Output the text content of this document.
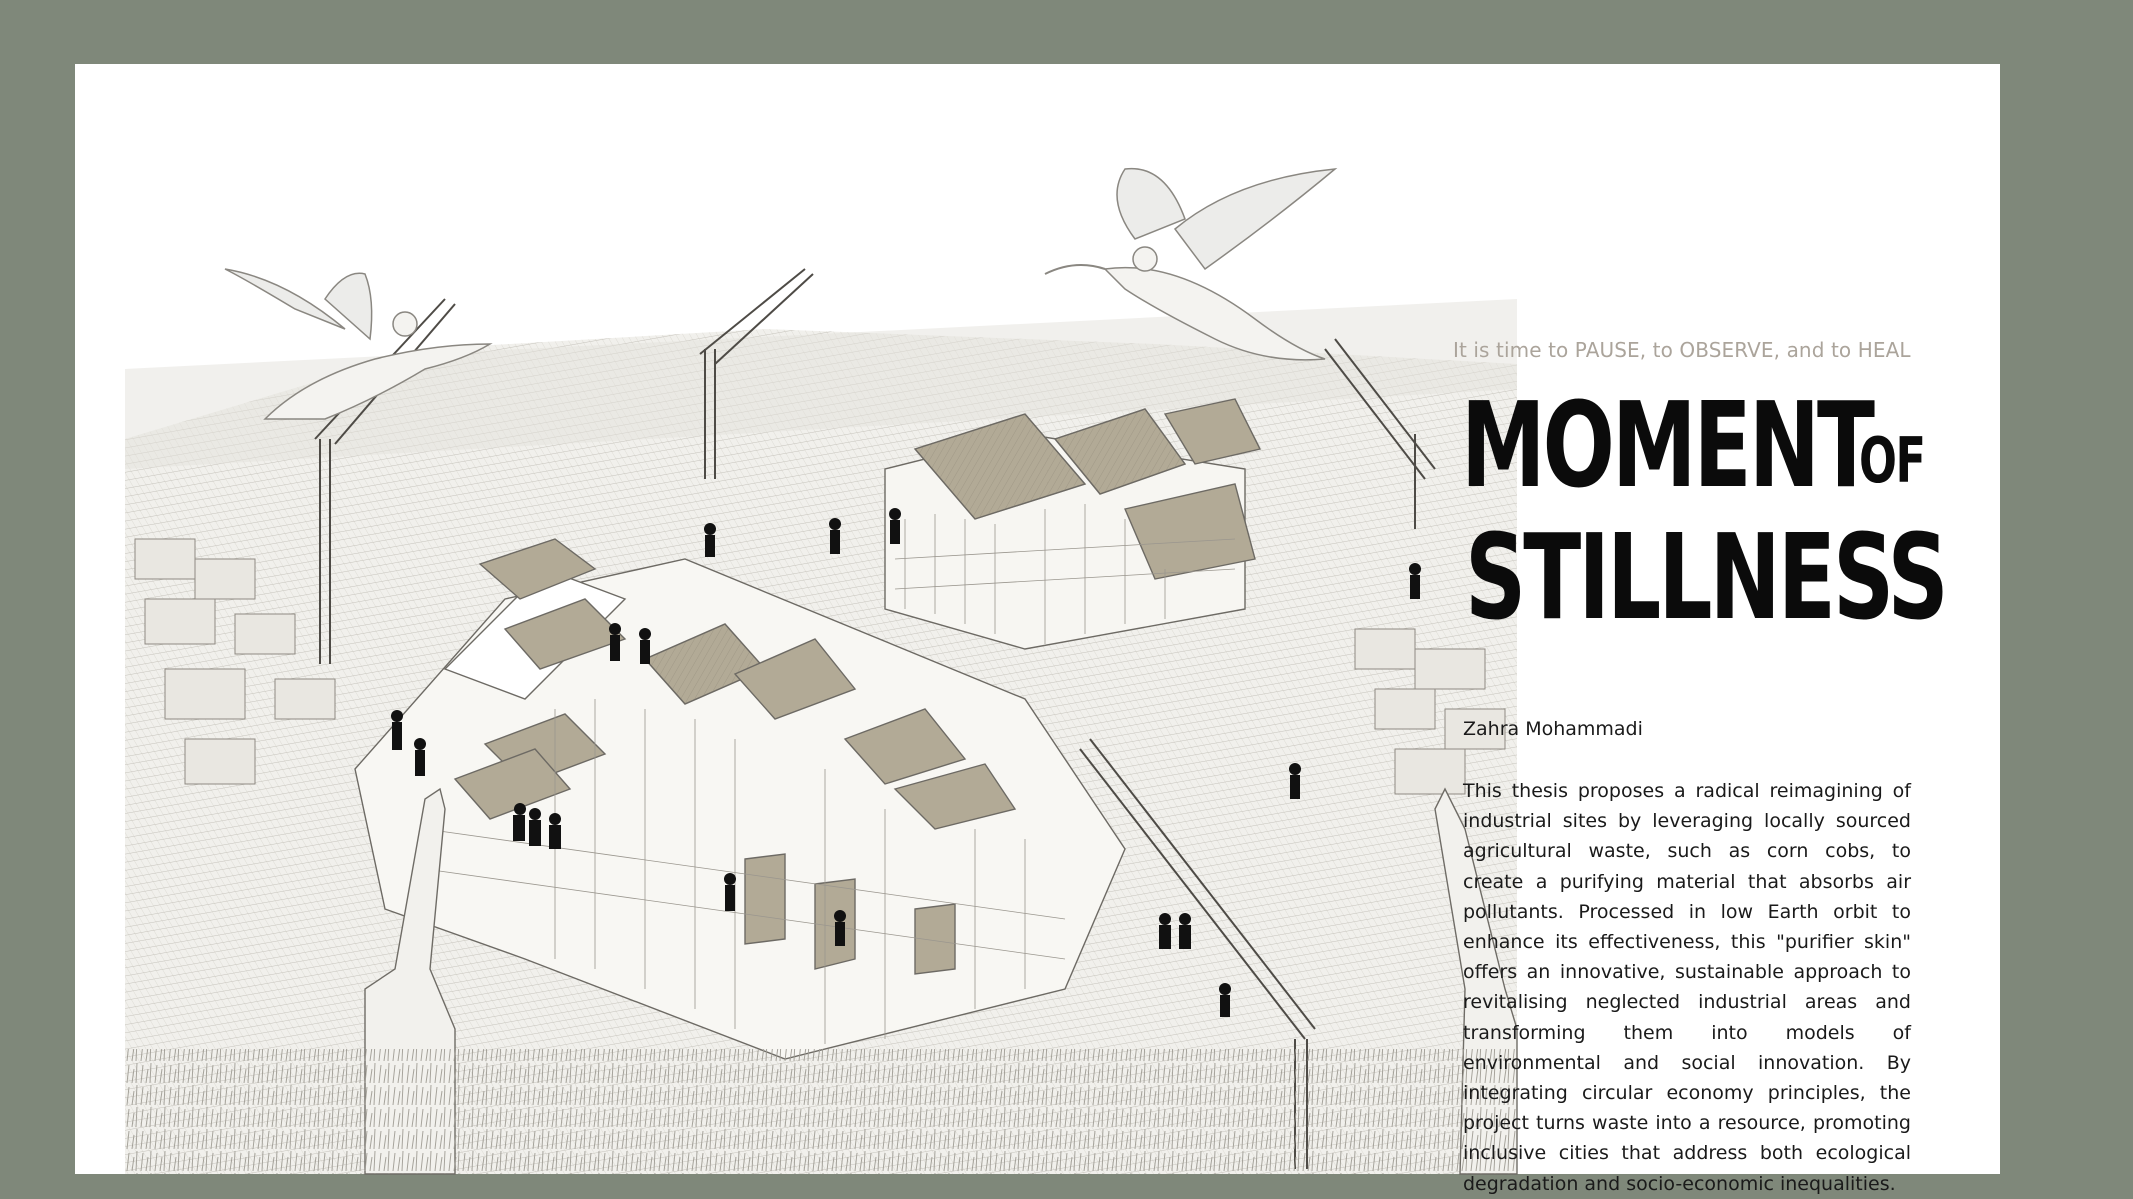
It is time to PAUSE, to OBSERVE, and to HEAL
MOMENT
OF
STILLNESS
Zahra Mohammadi
This thesis proposes a radical reimagining of industrial sites by leveraging locally sourced agricultural waste, such as corn cobs, to create a purifying material that absorbs air pollutants. Processed in low Earth orbit to enhance its effectiveness, this "purifier skin" offers an innovative, sustainable approach to revitalising neglected industrial areas and transforming them into models of environmental and social innovation. By integrating circular economy principles, the project turns waste into a resource, promoting inclusive cities that address both ecological degradation and socio-economic inequalities.
